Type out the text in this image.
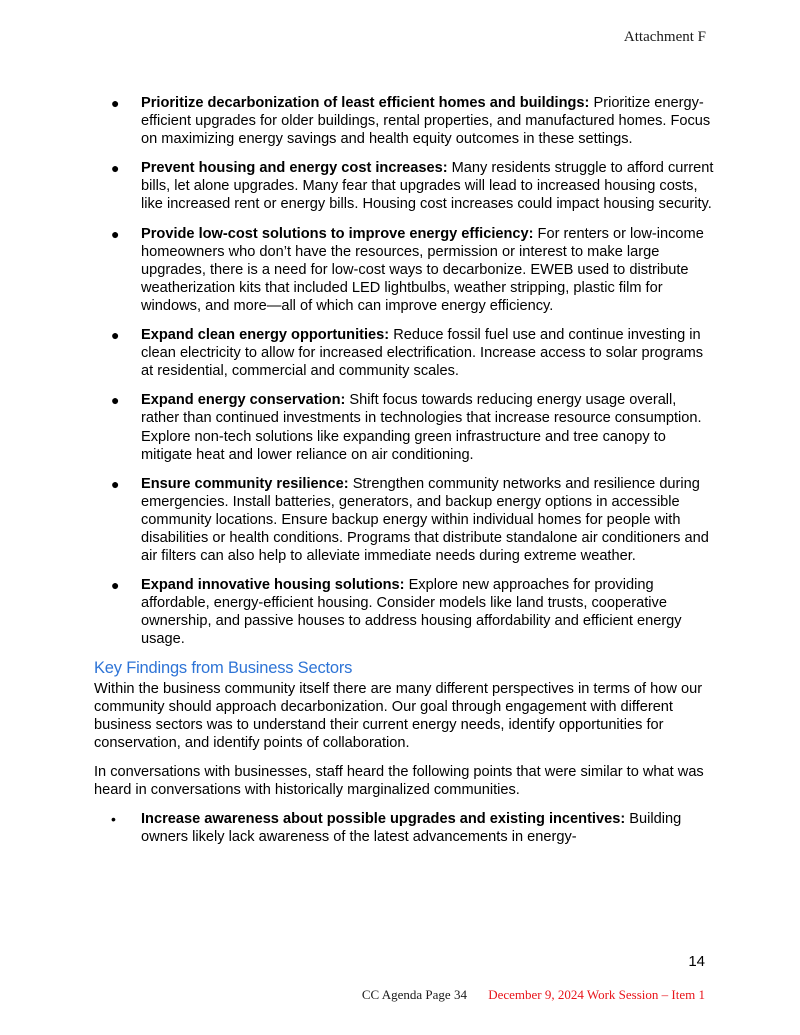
Attachment F
● Prioritize decarbonization of least efficient homes and buildings: Prioritize energy-efficient upgrades for older buildings, rental properties, and manufactured homes. Focus on maximizing energy savings and health equity outcomes in these settings.
● Prevent housing and energy cost increases: Many residents struggle to afford current bills, let alone upgrades. Many fear that upgrades will lead to increased housing costs, like increased rent or energy bills. Housing cost increases could impact housing security.
● Provide low-cost solutions to improve energy efficiency: For renters or low-income homeowners who don’t have the resources, permission or interest to make large upgrades, there is a need for low-cost ways to decarbonize. EWEB used to distribute weatherization kits that included LED lightbulbs, weather stripping, plastic film for windows, and more—all of which can improve energy efficiency.
● Expand clean energy opportunities: Reduce fossil fuel use and continue investing in clean electricity to allow for increased electrification. Increase access to solar programs at residential, commercial and community scales.
● Expand energy conservation: Shift focus towards reducing energy usage overall, rather than continued investments in technologies that increase resource consumption. Explore non-tech solutions like expanding green infrastructure and tree canopy to mitigate heat and lower reliance on air conditioning.
● Ensure community resilience: Strengthen community networks and resilience during emergencies. Install batteries, generators, and backup energy options in accessible community locations. Ensure backup energy within individual homes for people with disabilities or health conditions. Programs that distribute standalone air conditioners and air filters can also help to alleviate immediate needs during extreme weather.
● Expand innovative housing solutions: Explore new approaches for providing affordable, energy-efficient housing. Consider models like land trusts, cooperative ownership, and passive houses to address housing affordability and efficient energy usage.
Key Findings from Business Sectors

Within the business community itself there are many different perspectives in terms of how our community should approach decarbonization. Our goal through engagement with different business sectors was to understand their current energy needs, identify opportunities for conservation, and identify points of collaboration.

In conversations with businesses, staff heard the following points that were similar to what was heard in conversations with historically marginalized communities.

• Increase awareness about possible upgrades and existing incentives: Building owners likely lack awareness of the latest advancements in energy-
14
CC Agenda Page 34 December 9, 2024 Work Session – Item 1
